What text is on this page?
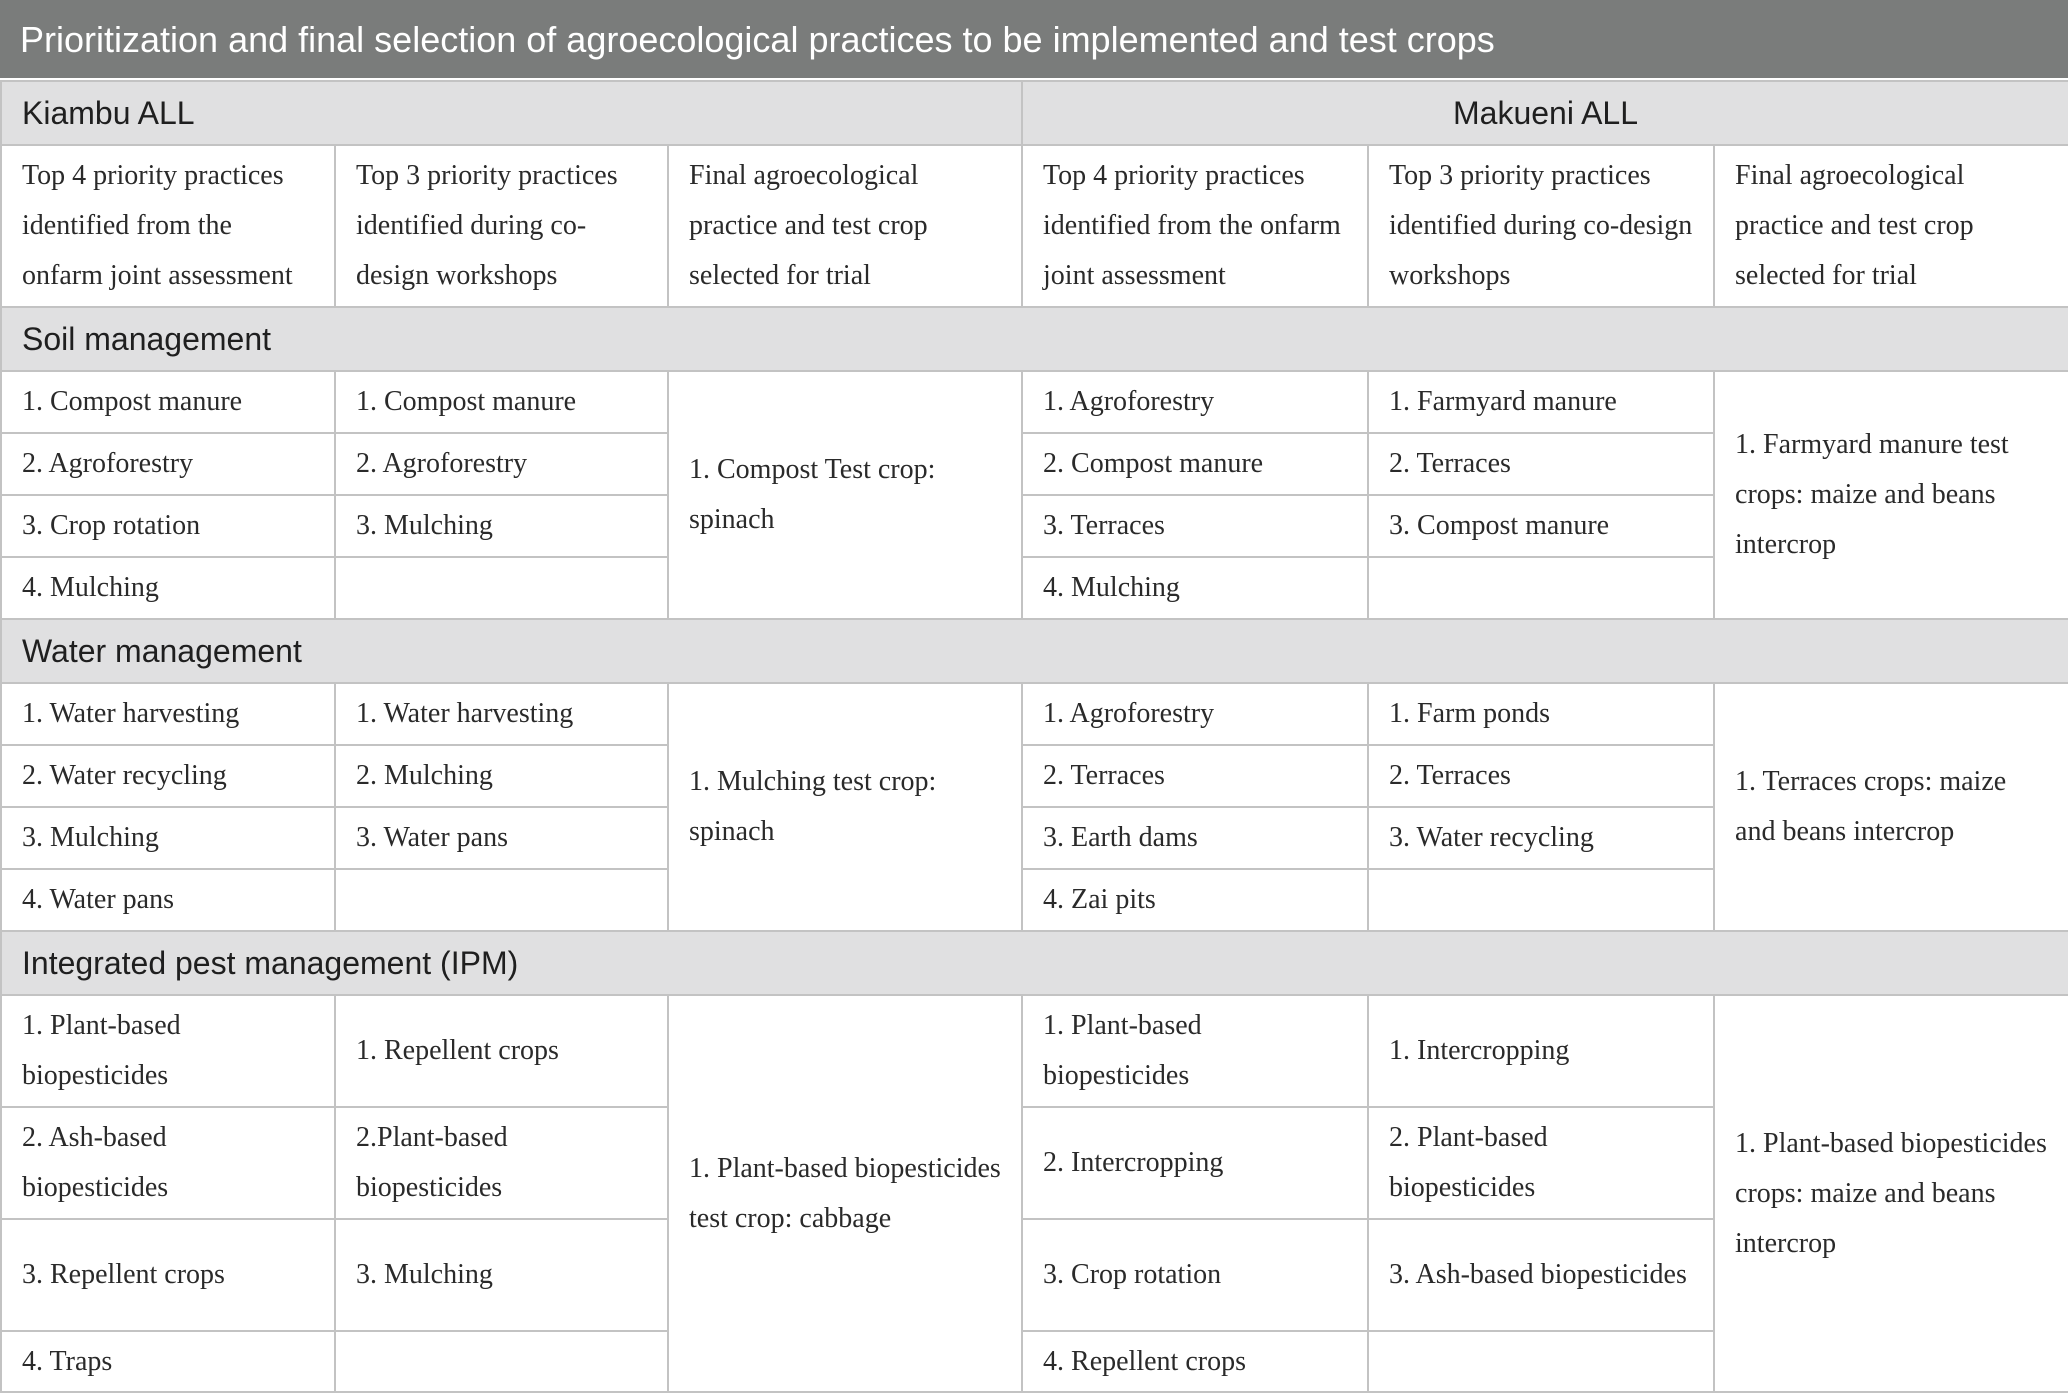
Prioritization and final selection of agroecological practices to be implemented and test crops
Kiambu ALL			Makueni ALL		
Top 4 priority practices identified from the onfarm joint assessment	Top 3 priority practices identified during co-design workshops	Final agroecological practice and test crop selected for trial	Top 4 priority practices identified from the onfarm joint assessment	Top 3 priority practices identified during co-design workshops	Final agroecological practice and test crop selected for trial
Soil management					
1. Compost manure	1. Compost manure	1. Compost Test crop: spinach	1. Agroforestry	1. Farmyard manure	1. Farmyard manure test crops: maize and beans intercrop
2. Agroforestry	2. Agroforestry		2. Compost manure	2. Terraces	
3. Crop rotation	3. Mulching		3. Terraces	3. Compost manure	
4. Mulching			4. Mulching		
Water management					
1. Water harvesting	1. Water harvesting	1. Mulching test crop: spinach	1. Agroforestry	1. Farm ponds	1. Terraces crops: maize and beans intercrop
2. Water recycling	2. Mulching		2. Terraces	2. Terraces	
3. Mulching	3. Water pans		3. Earth dams	3. Water recycling	
4. Water pans			4. Zai pits		
Integrated pest management (IPM)					
1. Plant-based biopesticides	1. Repellent crops	1. Plant-based biopesticides test crop: cabbage	1. Plant-based biopesticides	1. Intercropping	1. Plant-based biopesticides crops: maize and beans intercrop
2. Ash-based biopesticides	2.Plant-based biopesticides		2. Intercropping	2. Plant-based biopesticides	
3. Repellent crops	3. Mulching		3. Crop rotation	3. Ash-based biopesticides	
4. Traps			4. Repellent crops		
